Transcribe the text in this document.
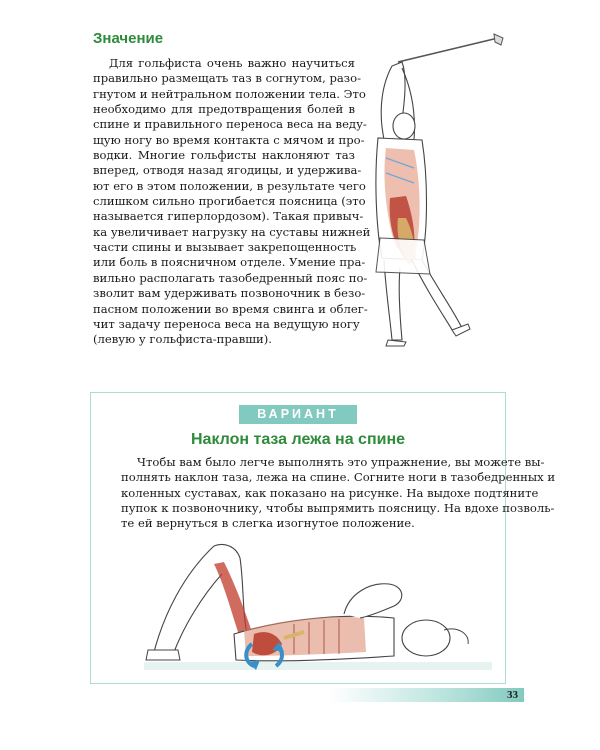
Значение
Для гольфиста очень важно научиться
правильно размещать таз в согнутом, разо-
гнутом и нейтральном положении тела. Это
необходимо для предотвращения болей в
спине и правильного переноса веса на веду-
щую ногу во время контакта с мячом и про-
водки. Многие гольфисты наклоняют таз
вперед, отводя назад ягодицы, и удержива-
ют его в этом положении, в результате чего
слишком сильно прогибается поясница (это
называется гиперлордозом). Такая привыч-
ка увеличивает нагрузку на суставы нижней
части спины и вызывает закрепощенность
или боль в поясничном отделе. Умение пра-
вильно располагать тазобедренный пояс по-
зволит вам удерживать позвоночник в безо-
пасном положении во время свинга и облег-
чит задачу переноса веса на ведущую ногу
(левую у гольфиста-правши).
ВАРИАНТ
Наклон таза лежа на спине
Чтобы вам было легче выполнять это упражнение, вы можете вы-
полнять наклон таза, лежа на спине. Согните ноги в тазобедренных и
коленных суставах, как показано на рисунке. На выдохе подтяните
пупок к позвоночнику, чтобы выпрямить поясницу. На вдохе позволь-
те ей вернуться в слегка изогнутое положение.
33
